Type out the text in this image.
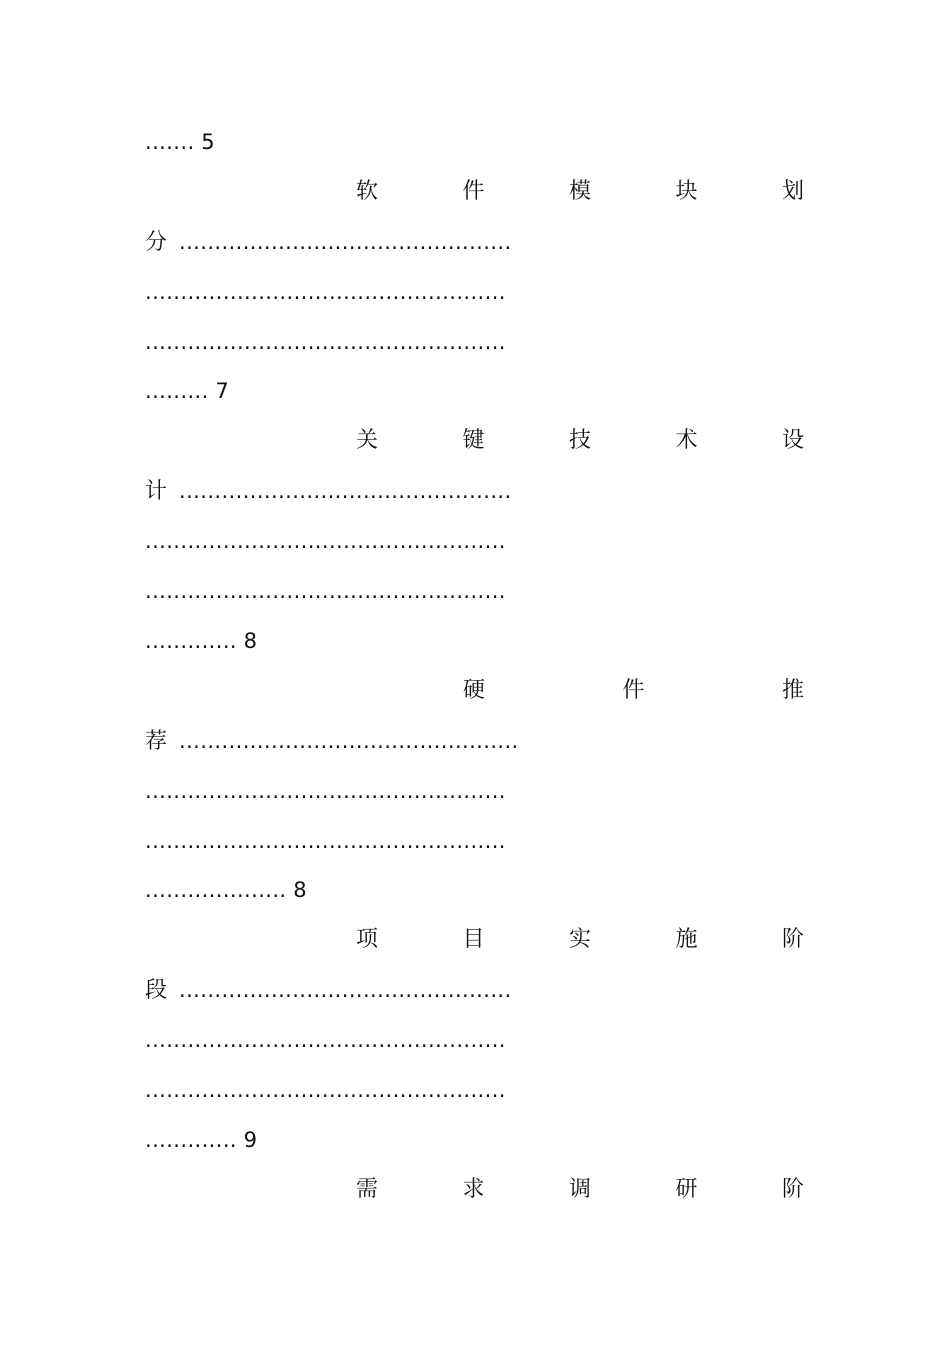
....... 5
软	件	模	块	划
分 ...............................................
...................................................
...................................................
......... 7
关	键	技	术	设
计 ...............................................
...................................................
...................................................
............. 8
硬	件	推
荐 ................................................
...................................................
...................................................
.................... 8
项	目	实	施	阶
段 ...............................................
...................................................
...................................................
............. 9
需	求	调	研	阶
